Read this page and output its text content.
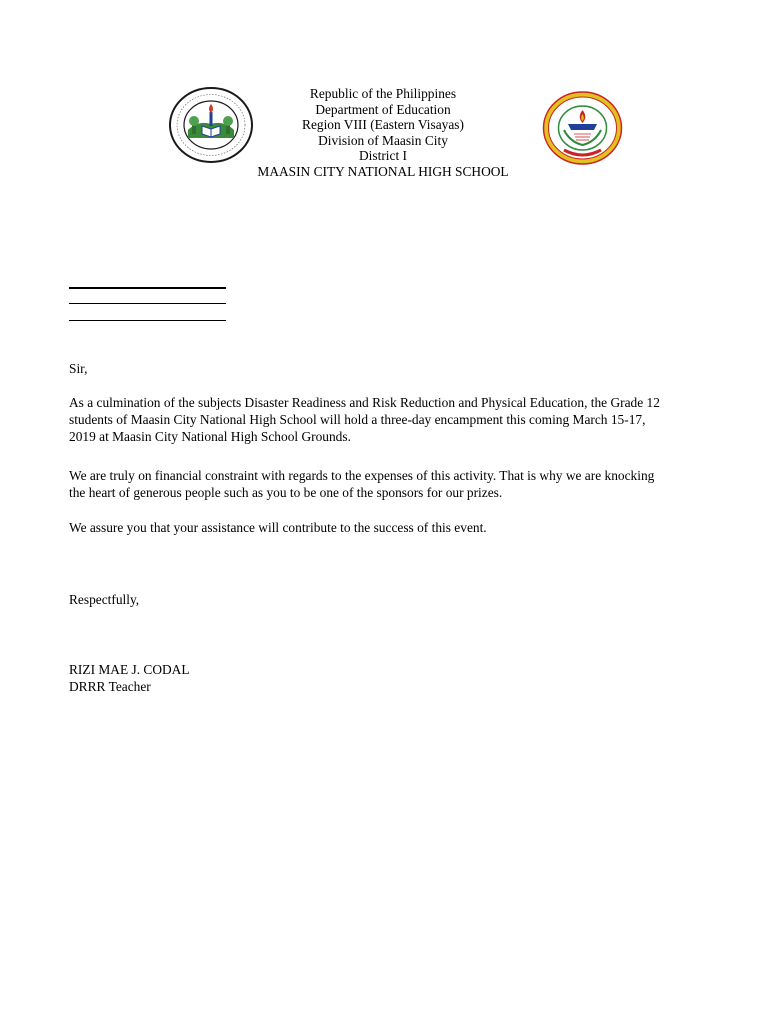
Republic of the Philippines
Department of Education
Region VIII (Eastern Visayas)
Division of Maasin City
District I
MAASIN CITY NATIONAL HIGH SCHOOL

Sir,

As a culmination of the subjects Disaster Readiness and Risk Reduction and Physical Education, the Grade 12
students of Maasin City National High School will hold a three-day encampment this coming March 15-17,
2019 at Maasin City National High School Grounds.
We are truly on financial constraint with regards to the expenses of this activity. That is why we are knocking
the heart of generous people such as you to be one of the sponsors for our prizes.

We assure you that your assistance will contribute to the success of this event.

Respectfully,

RIZI MAE J. CODAL

DRRR Teacher
